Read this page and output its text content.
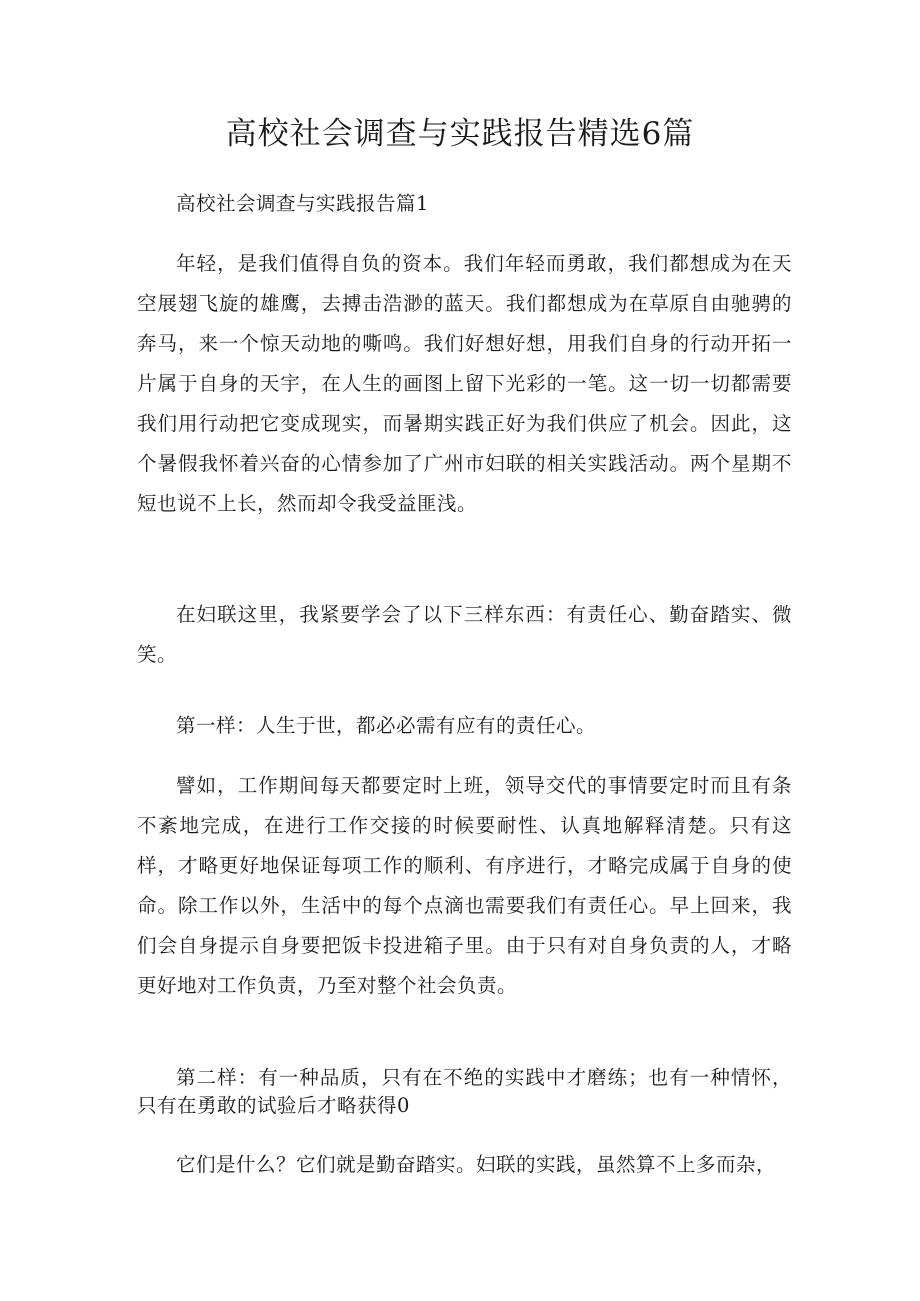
高校社会调查与实践报告精选6篇
高校社会调查与实践报告篇1
年轻，是我们值得自负的资本。我们年轻而勇敢，我们都想成为在天空展翅飞旋的雄鹰，去搏击浩渺的蓝天。我们都想成为在草原自由驰骋的奔马，来一个惊天动地的嘶鸣。我们好想好想，用我们自身的行动开拓一片属于自身的天宇，在人生的画图上留下光彩的一笔。这一切一切都需要我们用行动把它变成现实，而暑期实践正好为我们供应了机会。因此，这个暑假我怀着兴奋的心情参加了广州市妇联的相关实践活动。两个星期不短也说不上长，然而却令我受益匪浅。
在妇联这里，我紧要学会了以下三样东西：有责任心、勤奋踏实、微笑。
第一样：人生于世，都必必需有应有的责任心。
譬如，工作期间每天都要定时上班，领导交代的事情要定时而且有条不紊地完成，在进行工作交接的时候要耐性、认真地解释清楚。只有这样，才略更好地保证每项工作的顺利、有序进行，才略完成属于自身的使命。除工作以外，生活中的每个点滴也需要我们有责任心。早上回来，我们会自身提示自身要把饭卡投进箱子里。由于只有对自身负责的人，才略更好地对工作负责，乃至对整个社会负责。
第二样：有一种品质，只有在不绝的实践中才磨练；也有一种情怀，只有在勇敢的试验后才略获得0
它们是什么？它们就是勤奋踏实。妇联的实践，虽然算不上多而杂，
